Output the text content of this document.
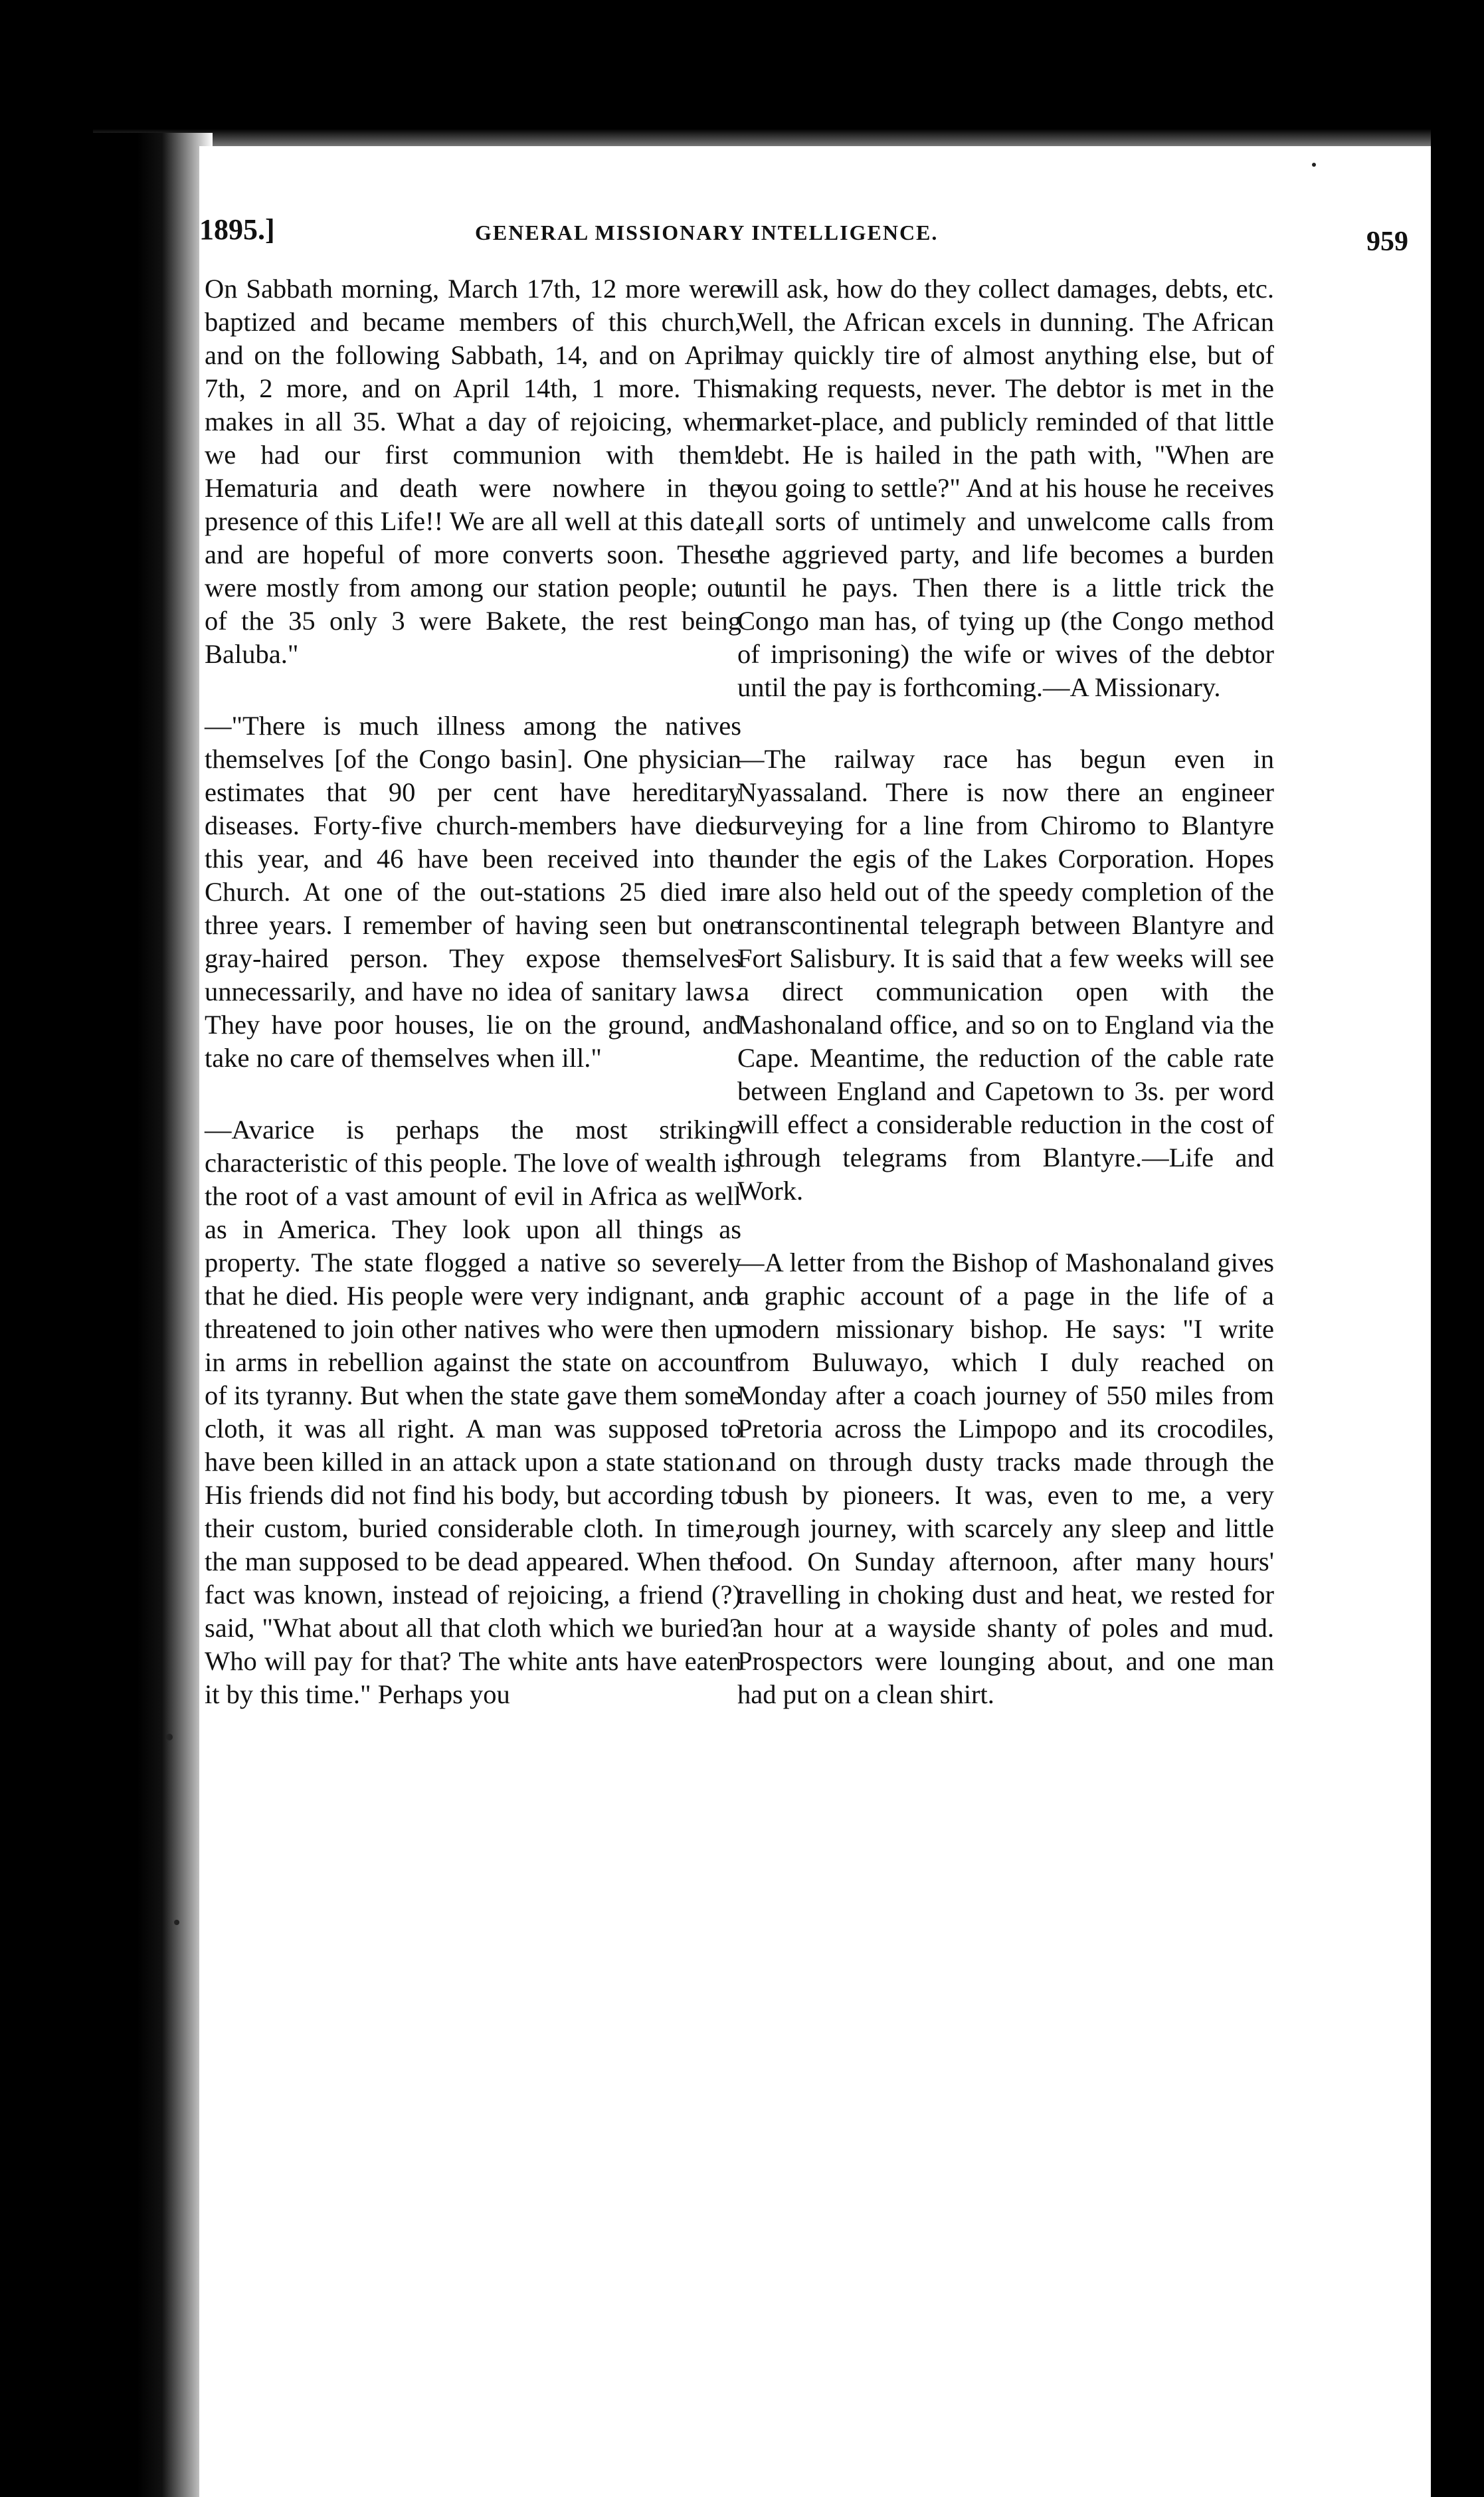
1895.]	GENERAL MISSIONARY INTELLIGENCE.	959

On Sabbath morning, March 17th, 12 more were baptized and became members of this church, and on the following Sabbath, 14, and on April 7th, 2 more, and on April 14th, 1 more. This makes in all 35. What a day of rejoicing, when we had our first communion with them! Hematuria and death were nowhere in the presence of this Life!! We are all well at this date, and are hopeful of more converts soon. These were mostly from among our station people; out of the 35 only 3 were Bakete, the rest being Baluba."

—"There is much illness among the natives themselves [of the Congo basin]. One physician estimates that 90 per cent have hereditary diseases. Forty-five church-members have died this year, and 46 have been received into the Church. At one of the out-stations 25 died in three years. I remember of having seen but one gray-haired person. They expose themselves unnecessarily, and have no idea of sanitary laws. They have poor houses, lie on the ground, and take no care of themselves when ill."

—Avarice is perhaps the most striking characteristic of this people. The love of wealth is the root of a vast amount of evil in Africa as well as in America. They look upon all things as property. The state flogged a native so severely that he died. His people were very indignant, and threatened to join other natives who were then up in arms in rebellion against the state on account of its tyranny. But when the state gave them some cloth, it was all right. A man was supposed to have been killed in an attack upon a state station. His friends did not find his body, but according to their custom, buried considerable cloth. In time, the man supposed to be dead appeared. When the fact was known, instead of rejoicing, a friend (?) said, "What about all that cloth which we buried? Who will pay for that? The white ants have eaten it by this time." Perhaps you

will ask, how do they collect damages, debts, etc. Well, the African excels in dunning. The African may quickly tire of almost anything else, but of making requests, never. The debtor is met in the market-place, and publicly reminded of that little debt. He is hailed in the path with, "When are you going to settle?" And at his house he receives all sorts of untimely and unwelcome calls from the aggrieved party, and life becomes a burden until he pays. Then there is a little trick the Congo man has, of tying up (the Congo method of imprisoning) the wife or wives of the debtor until the pay is forthcoming.—A Missionary.

—The railway race has begun even in Nyassaland. There is now there an engineer surveying for a line from Chiromo to Blantyre under the egis of the Lakes Corporation. Hopes are also held out of the speedy completion of the transcontinental telegraph between Blantyre and Fort Salisbury. It is said that a few weeks will see a direct communication open with the Mashonaland office, and so on to England via the Cape. Meantime, the reduction of the cable rate between England and Capetown to 3s. per word will effect a considerable reduction in the cost of through telegrams from Blantyre.—Life and Work.

—A letter from the Bishop of Mashonaland gives a graphic account of a page in the life of a modern missionary bishop. He says: "I write from Buluwayo, which I duly reached on Monday after a coach journey of 550 miles from Pretoria across the Limpopo and its crocodiles, and on through dusty tracks made through the bush by pioneers. It was, even to me, a very rough journey, with scarcely any sleep and little food. On Sunday afternoon, after many hours' travelling in choking dust and heat, we rested for an hour at a wayside shanty of poles and mud. Prospectors were lounging about, and one man had put on a clean shirt.
